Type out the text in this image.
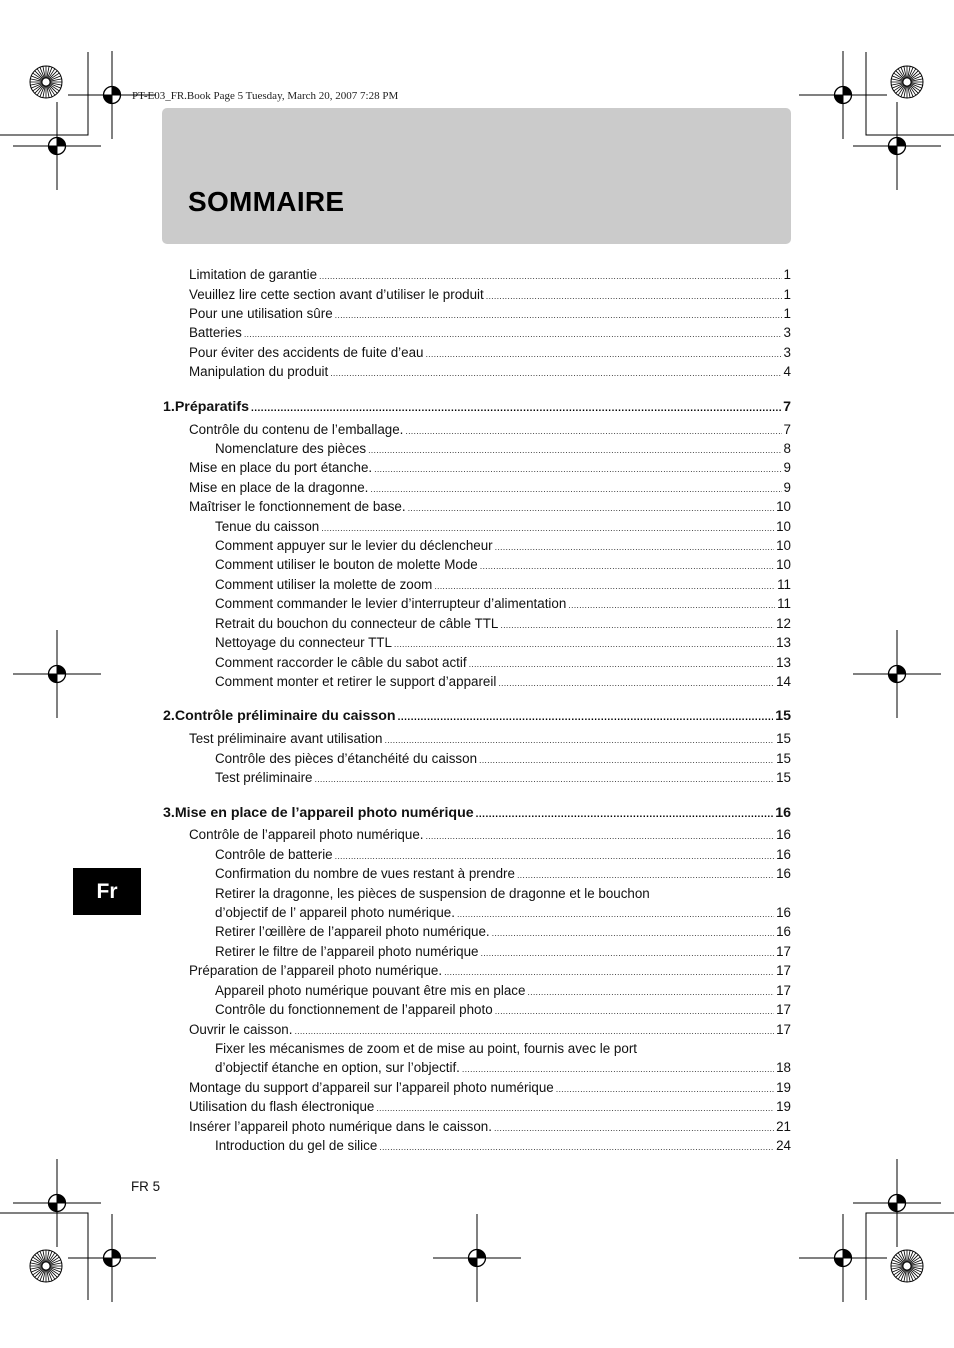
PT-E03_FR.Book Page 5 Tuesday, March 20, 2007 7:28 PM
SOMMAIRE
Limitation de garantie .....	1
Veuillez lire cette section avant d’utiliser le produit .....	1
Pour une utilisation sûre .....	1
Batteries .....	3
Pour éviter des accidents de fuite d’eau .....	3
Manipulation du produit .....	4
1.Préparatifs .....	7
Contrôle du contenu de l’emballage. .....	7
Nomenclature des pièces .....	8
Mise en place du port étanche. .....	9
Mise en place de la dragonne. .....	9
Maîtriser le fonctionnement de base. .....	10
Tenue du caisson .....	10
Comment appuyer sur le levier du déclencheur .....	10
Comment utiliser le bouton de molette Mode .....	10
Comment utiliser la molette de zoom .....	11
Comment commander le levier d’interrupteur d’alimentation .....	11
Retrait du bouchon du connecteur de câble TTL .....	12
Nettoyage du connecteur TTL .....	13
Comment raccorder le câble du sabot actif .....	13
Comment monter et retirer le support d’appareil .....	14
2.Contrôle préliminaire du caisson .....	15
Test préliminaire avant utilisation .....	15
Contrôle des pièces d’étanchéité du caisson .....	15
Test préliminaire .....	15
3.Mise en place de l’appareil photo numérique .....	16
Contrôle de l’appareil photo numérique. .....	16
Contrôle de batterie .....	16
Confirmation du nombre de vues restant à prendre .....	16
Retirer la dragonne, les pièces de suspension de dragonne et le bouchon
d’objectif de l’ appareil photo numérique. .....	16
Retirer l’œillère de l’appareil photo numérique. .....	16
Retirer le filtre de l’appareil photo numérique .....	17
Préparation de l’appareil photo numérique. .....	17
Appareil photo numérique pouvant être mis en place .....	17
Contrôle du fonctionnement de l’appareil photo .....	17
Ouvrir le caisson. .....	17
Fixer les mécanismes de zoom et de mise au point, fournis avec le port
d’objectif étanche en option, sur l’objectif. .....	18
Montage du support d’appareil sur l’appareil photo numérique .....	19
Utilisation du flash électronique .....	19
Insérer l’appareil photo numérique dans le caisson. .....	21
Introduction du gel de silice .....	24
Fr
FR 5
